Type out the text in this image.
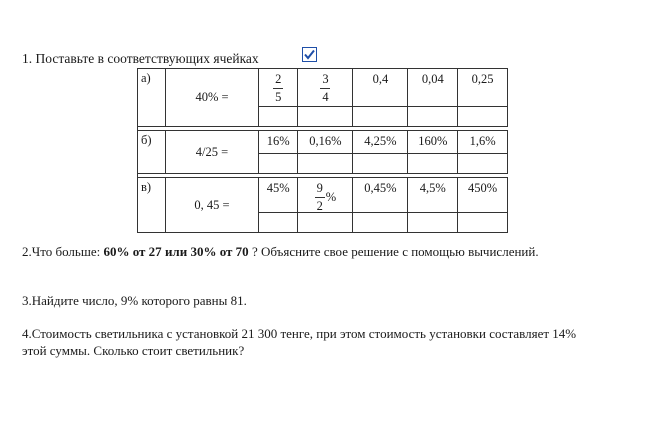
1. Поставьте в соответствующих ячейках
а)	40% =	$\frac{2}{5}$	$\frac{3}{4}$	0,4	0,04	0,25

б)	4/25 =	16%	0,16%	4,25%	160%	1,6%

в)	0, 45 =	45%	$\frac{9}{2}$ %	0,45%	4,5%	450%

2.Что больше: 60% от 27 или 30% от 70 ? Объясните свое решение с помощью вычислений.
3.Найдите число, 9% которого равны 81.
4.Стоимость светильника с установкой 21 300 тенге, при этом стоимость установки составляет 14% этой суммы. Сколько стоит светильник?
